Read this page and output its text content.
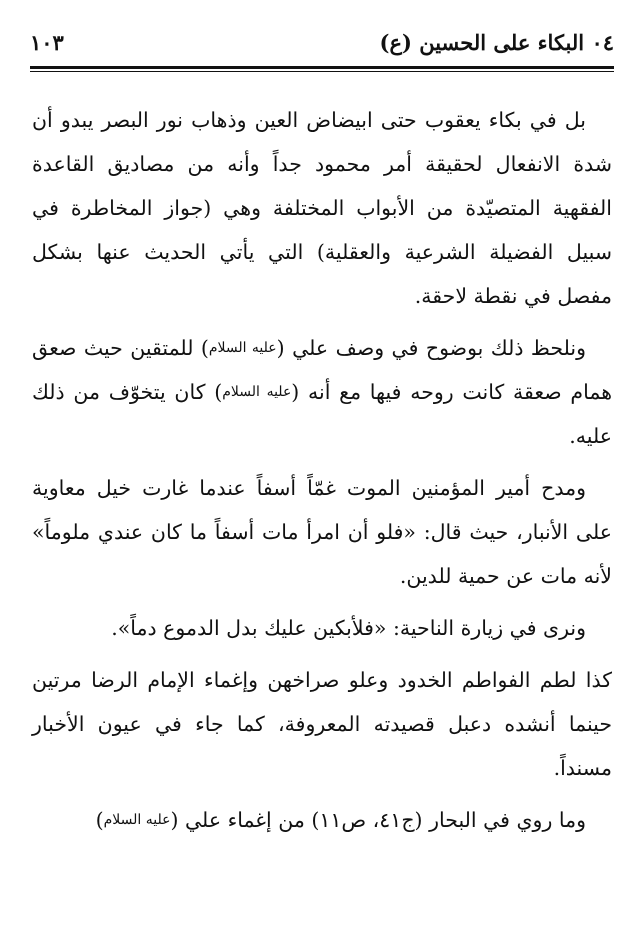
٠٤ البكاء على الحسين (ع)
١٠٣

بل في بكاء يعقوب حتى ابيضاض العين وذهاب نور البصر يبدو أن شدة الانفعال لحقيقة أمر محمود جداً وأنه من مصاديق القاعدة الفقهية المتصيّدة من الأبواب المختلفة وهي (جواز المخاطرة في سبيل الفضيلة الشرعية والعقلية) التي يأتي الحديث عنها بشكل مفصل في نقطة لاحقة.

ونلحظ ذلك بوضوح في وصف علي (عليه السلام) للمتقين حيث صعق همام صعقة كانت روحه فيها مع أنه (عليه السلام) كان يتخوّف من ذلك عليه.

ومدح أمير المؤمنين الموت غمّاً أسفاً عندما غارت خيل معاوية على الأنبار، حيث قال: «فلو أن امرأ مات أسفاً ما كان عندي ملوماً» لأنه مات عن حمية للدين.

ونرى في زيارة الناحية: «فلأبكين عليك بدل الدموع دماً».

كذا لطم الفواطم الخدود وعلو صراخهن وإغماء الإمام الرضا مرتين حينما أنشده دعبل قصيدته المعروفة، كما جاء في عيون الأخبار مسنداً.

وما روي في البحار (ج٤١، ص١١) من إغماء علي (عليه السلام)
